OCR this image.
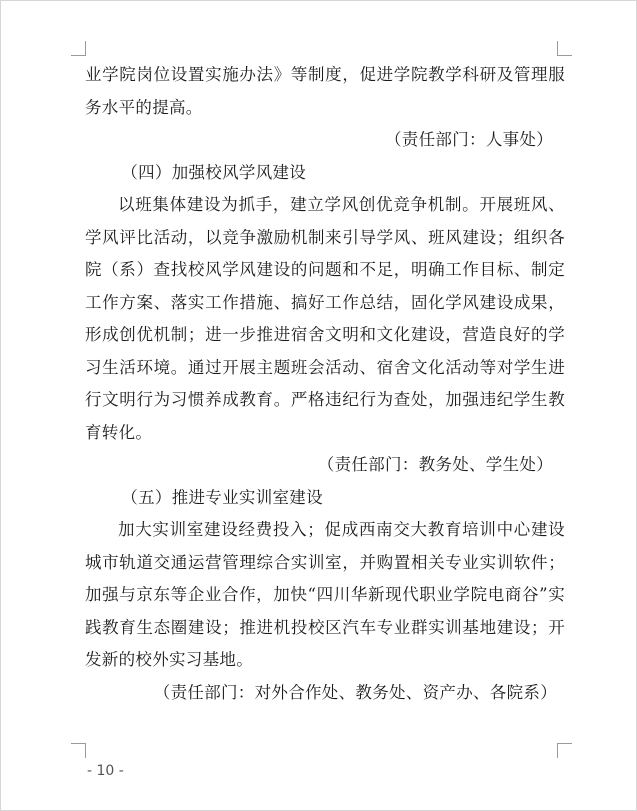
业学院岗位设置实施办法》等制度，促进学院教学科研及管理服务水平的提高。

（责任部门：人事处）

（四）加强校风学风建设

以班集体建设为抓手，建立学风创优竞争机制。开展班风、学风评比活动，以竞争激励机制来引导学风、班风建设；组织各院（系）查找校风学风建设的问题和不足，明确工作目标、制定工作方案、落实工作措施、搞好工作总结，固化学风建设成果，形成创优机制；进一步推进宿舍文明和文化建设，营造良好的学习生活环境。通过开展主题班会活动、宿舍文化活动等对学生进行文明行为习惯养成教育。严格违纪行为查处，加强违纪学生教育转化。

（责任部门：教务处、学生处）

（五）推进专业实训室建设

加大实训室建设经费投入；促成西南交大教育培训中心建设城市轨道交通运营管理综合实训室，并购置相关专业实训软件；加强与京东等企业合作，加快“四川华新现代职业学院电商谷”实践教育生态圈建设；推进机投校区汽车专业群实训基地建设；开发新的校外实习基地。

（责任部门：对外合作处、教务处、资产办、各院系）

- 10 -
